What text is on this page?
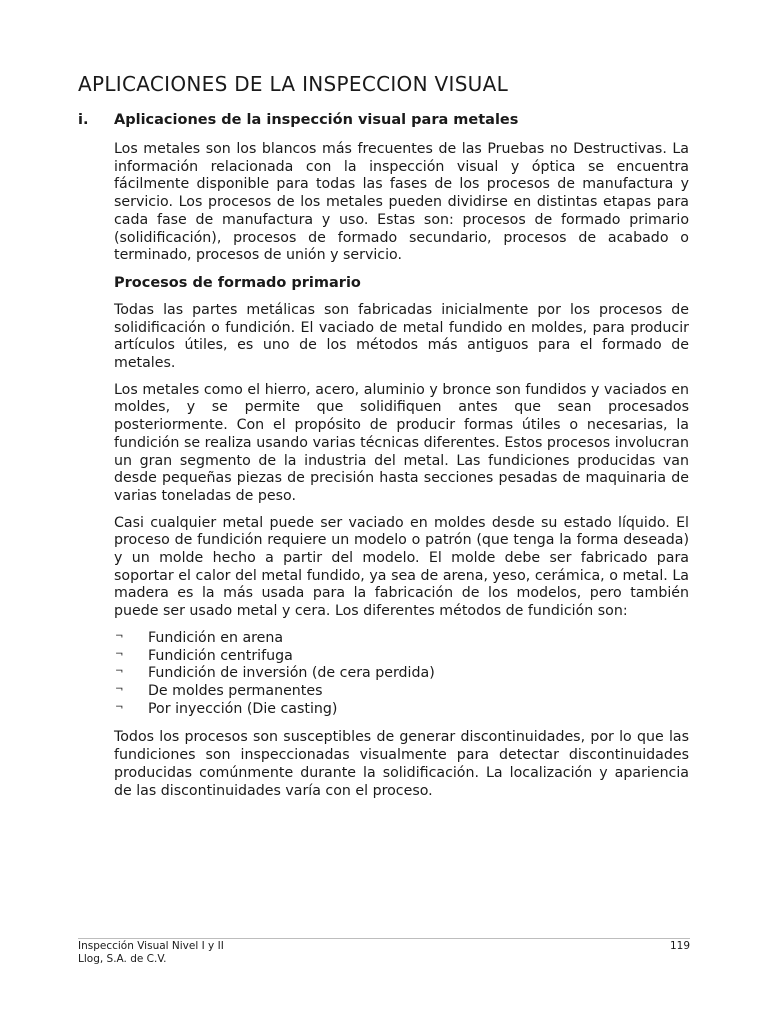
APLICACIONES DE LA INSPECCION VISUAL
i. Aplicaciones de la inspección visual para metales

Los metales son los blancos más frecuentes de las Pruebas no Destructivas. La información relacionada con la inspección visual y óptica se encuentra fácilmente disponible para todas las fases de los procesos de manufactura y servicio. Los procesos de los metales pueden dividirse en distintas etapas para cada fase de manufactura y uso. Estas son: procesos de formado primario (solidificación), procesos de formado secundario, procesos de acabado o terminado, procesos de unión y servicio.

Procesos de formado primario

Todas las partes metálicas son fabricadas inicialmente por los procesos de solidificación o fundición. El vaciado de metal fundido en moldes, para producir artículos útiles, es uno de los métodos más antiguos para el formado de metales.

Los metales como el hierro, acero, aluminio y bronce son fundidos y vaciados en moldes, y se permite que solidifiquen antes que sean procesados posteriormente. Con el propósito de producir formas útiles o necesarias, la fundición se realiza usando varias técnicas diferentes. Estos procesos involucran un gran segmento de la industria del metal. Las fundiciones producidas van desde pequeñas piezas de precisión hasta secciones pesadas de maquinaria de varias toneladas de peso.

Casi cualquier metal puede ser vaciado en moldes desde su estado líquido. El proceso de fundición requiere un modelo o patrón (que tenga la forma deseada) y un molde hecho a partir del modelo. El molde debe ser fabricado para soportar el calor del metal fundido, ya sea de arena, yeso, cerámica, o metal. La madera es la más usada para la fabricación de los modelos, pero también puede ser usado metal y cera. Los diferentes métodos de fundición son:

¬ Fundición en arena
¬ Fundición centrifuga
¬ Fundición de inversión (de cera perdida)
¬ De moldes permanentes
¬ Por inyección (Die casting)

Todos los procesos son susceptibles de generar discontinuidades, por lo que las fundiciones son inspeccionadas visualmente para detectar discontinuidades producidas comúnmente durante la solidificación. La localización y apariencia de las discontinuidades varía con el proceso.

Inspección Visual Nivel I y II
Llog, S.A. de C.V.
119
